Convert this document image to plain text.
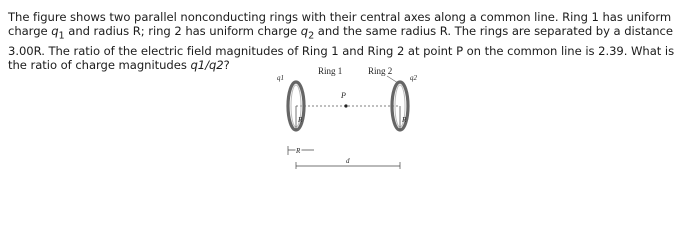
The figure shows two parallel nonconducting rings with their central axes along a common line. Ring 1 has uniform charge $q_1$ and radius R; ring 2 has uniform charge $q_2$ and the same radius R. The rings are separated by a distance 3.00R. The ratio of the electric field magnitudes of Ring 1 and Ring 2 at point P on the common line is 2.39. What is the ratio of charge magnitudes q1/q2?
P
Ring 1	Ring 2
q1	q2
R	R
R
d
